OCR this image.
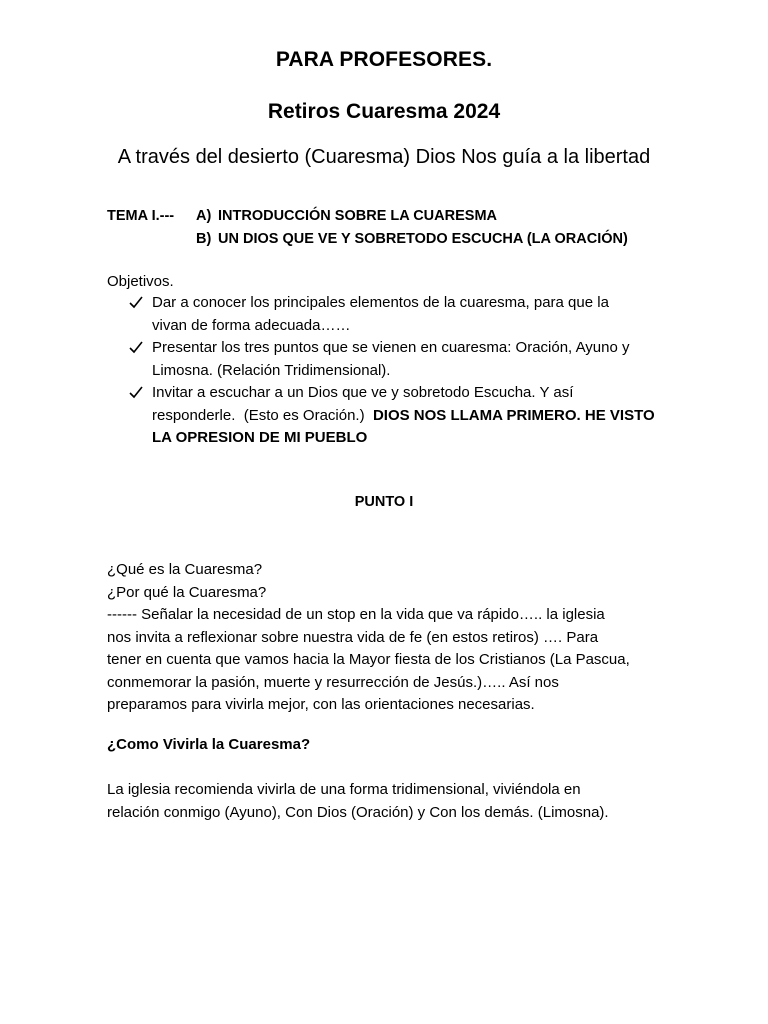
PARA PROFESORES.
Retiros Cuaresma 2024
A través del desierto (Cuaresma) Dios Nos guía a la libertad
TEMA I.---	A) INTRODUCCIÓN SOBRE LA CUARESMA
B) UN DIOS QUE VE Y SOBRETODO ESCUCHA (LA ORACIÓN)
Objetivos.
Dar a conocer los principales elementos de la cuaresma, para que la
vivan de forma adecuada……
Presentar los tres puntos que se vienen en cuaresma: Oración, Ayuno y
Limosna. (Relación Tridimensional).
Invitar a escuchar a un Dios que ve y sobretodo Escucha. Y así
responderle.  (Esto es Oración.)  DIOS NOS LLAMA PRIMERO. HE VISTO
LA OPRESION DE MI PUEBLO
PUNTO I
¿Qué es la Cuaresma?
¿Por qué la Cuaresma?
------ Señalar la necesidad de un stop en la vida que va rápido….. la iglesia
nos invita a reflexionar sobre nuestra vida de fe (en estos retiros) …. Para
tener en cuenta que vamos hacia la Mayor fiesta de los Cristianos (La Pascua,
conmemorar la pasión, muerte y resurrección de Jesús.)….. Así nos
preparamos para vivirla mejor, con las orientaciones necesarias.
¿Como Vivirla la Cuaresma?
La iglesia recomienda vivirla de una forma tridimensional, viviéndola en
relación conmigo (Ayuno), Con Dios (Oración) y Con los demás. (Limosna).
